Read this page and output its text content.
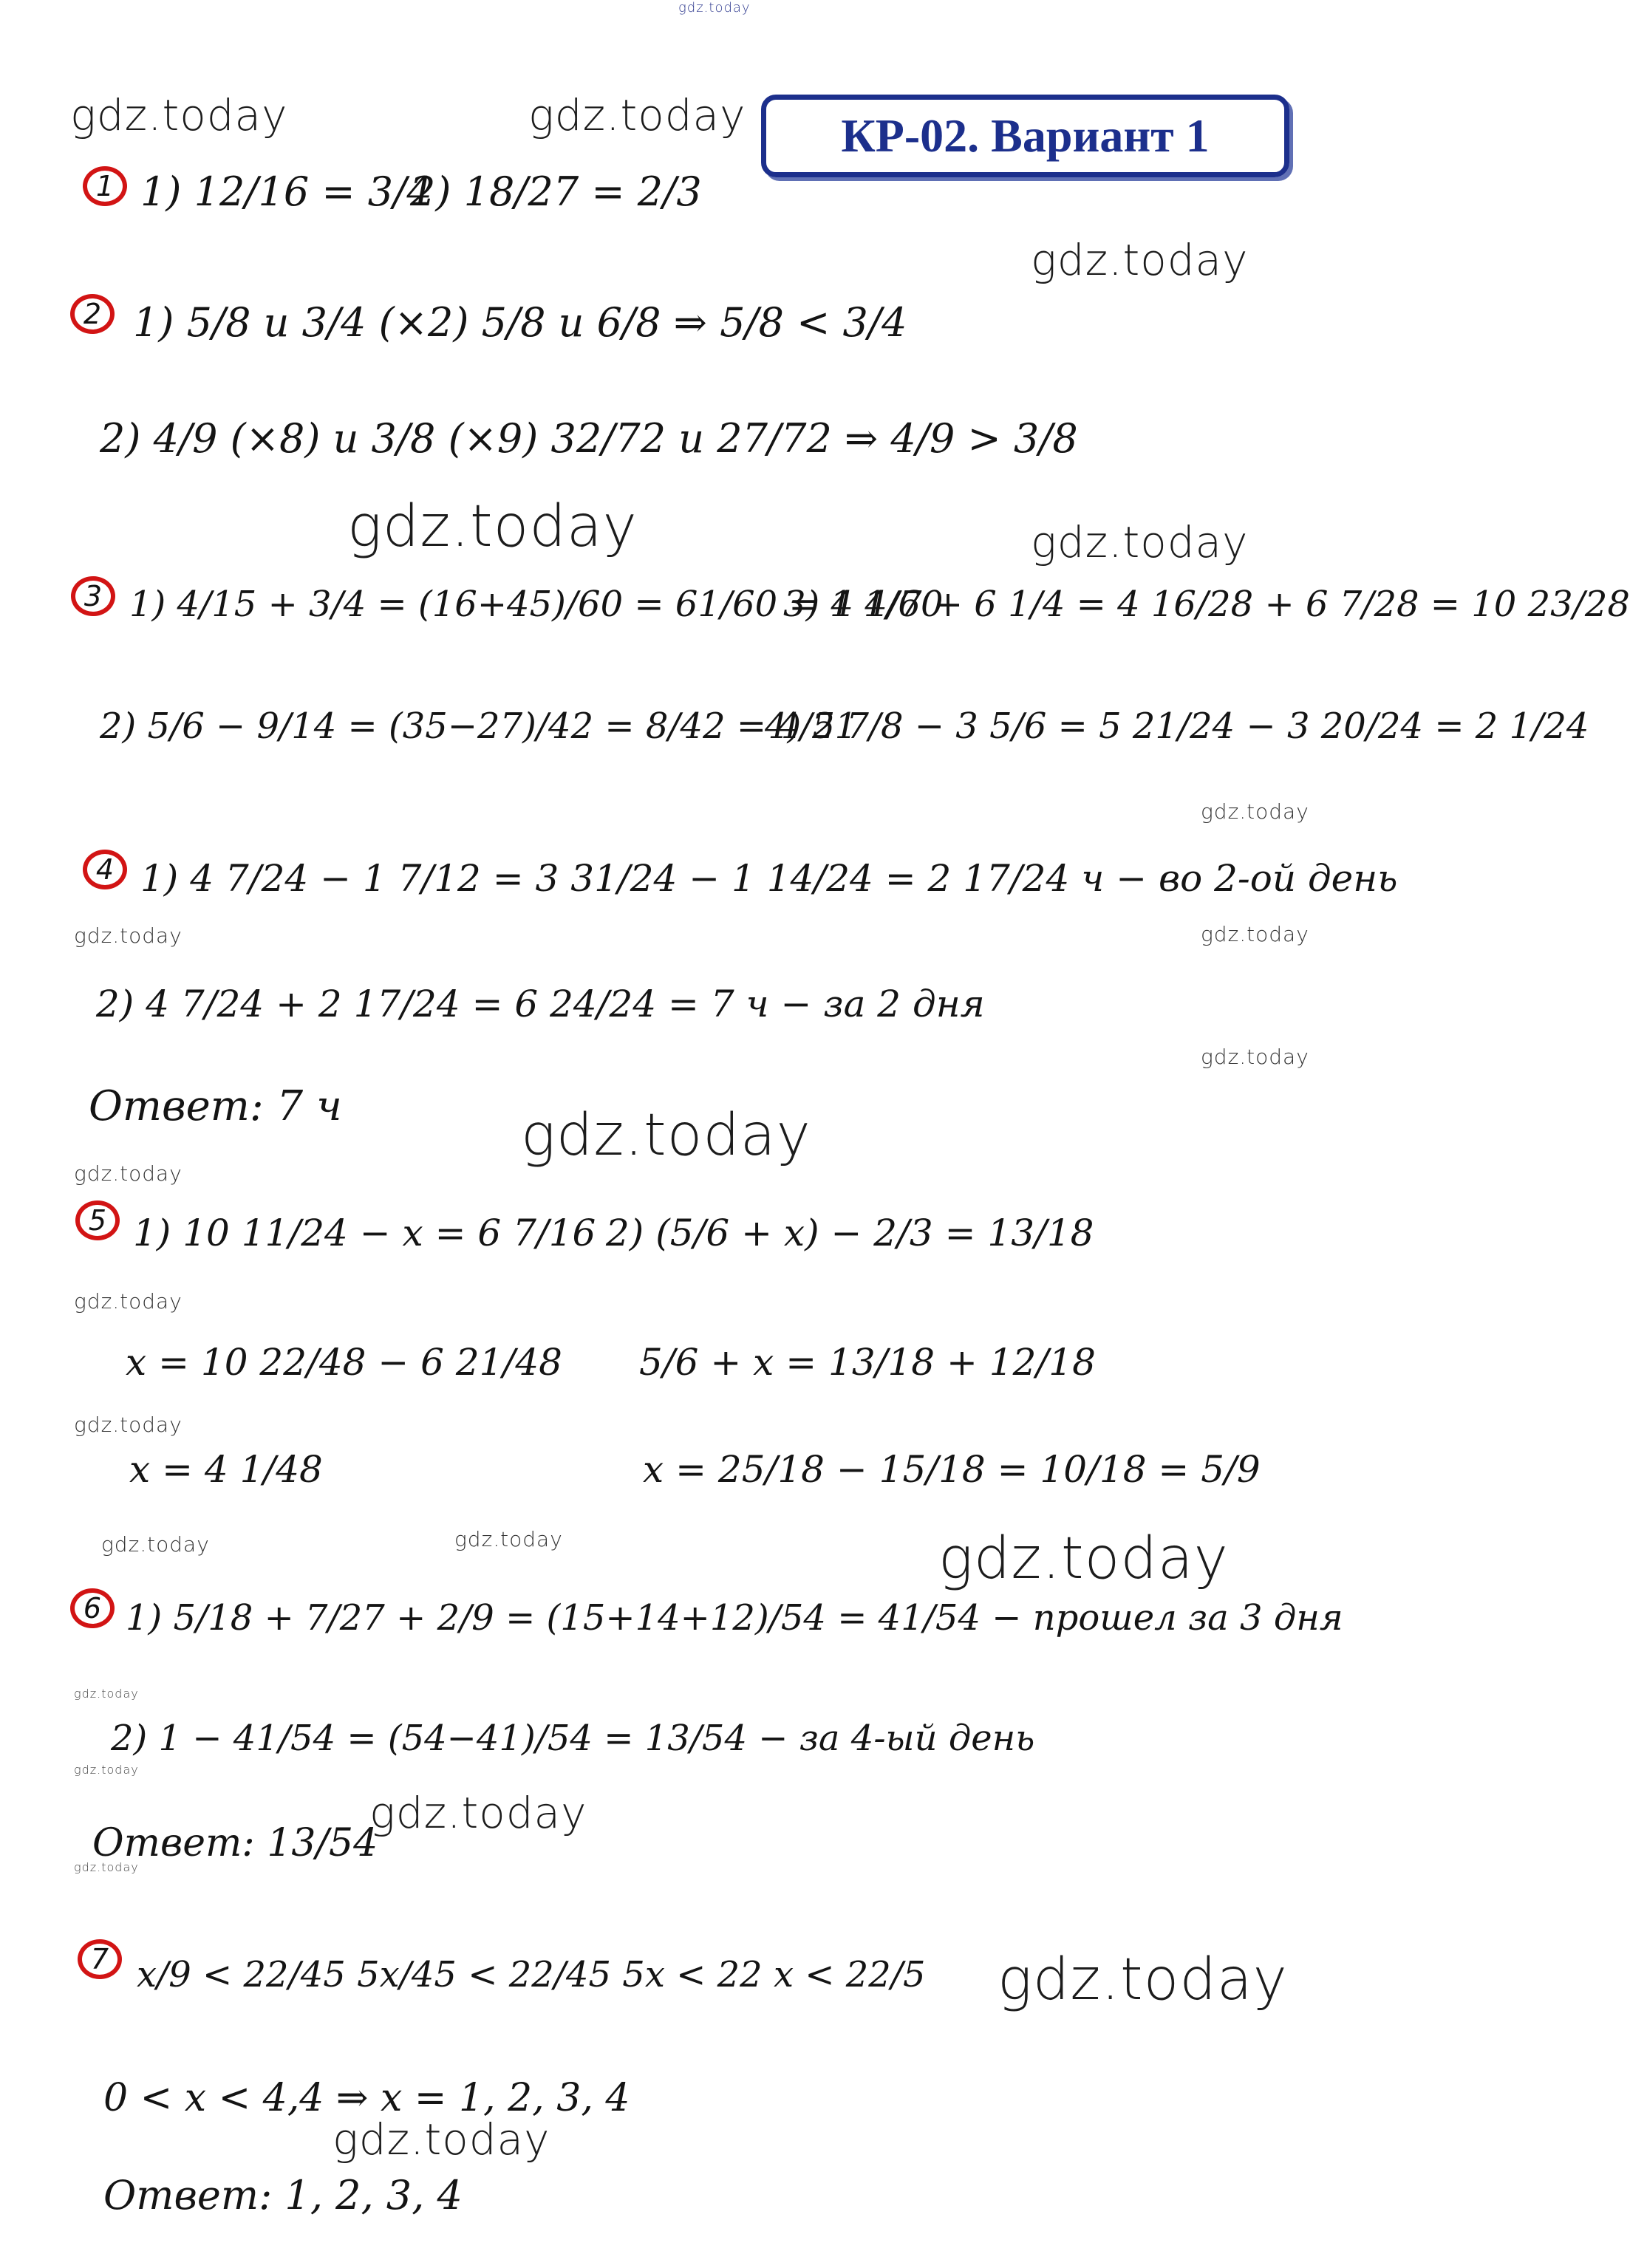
gdz.today
gdz.today	gdz.today
gdz.today
gdz.today	gdz.today
gdz.today
gdz.today
gdz.today
gdz.today
gdz.today
gdz.today
gdz.today	gdz.today
gdz.today
gdz.today
gdz.today
gdz.today
gdz.today	gdz.today
gdz.today
gdz.today
gdz.today
КР-02. Вариант 1
1 1) 12/16 = 3/4
2) 18/27 = 2/3
2 1) 5/8 и 3/4 (×2) 5/8 и 6/8 ⇒ 5/8 < 3/4
2) 4/9 (×8) и 3/8 (×9) 32/72 и 27/72 ⇒ 4/9 > 3/8
3 1) 4/15 + 3/4 = (16+45)/60 = 61/60 = 1 1/60
3) 4 4/7 + 6 1/4 = 4 16/28 + 6 7/28 = 10 23/28
2) 5/6 − 9/14 = (35−27)/42 = 8/42 = 4/21
4) 5 7/8 − 3 5/6 = 5 21/24 − 3 20/24 = 2 1/24
4 1) 4 7/24 − 1 7/12 = 3 31/24 − 1 14/24 = 2 17/24 ч − во 2-ой день
2) 4 7/24 + 2 17/24 = 6 24/24 = 7 ч − за 2 дня
Ответ: 7 ч
5 1) 10 11/24 − x = 6 7/16 2) (5/6 + x) − 2/3 = 13/18
x = 10 22/48 − 6 21/48 5/6 + x = 13/18 + 12/18
x = 4 1/48	x = 25/18 − 15/18 = 10/18 = 5/9
6 1) 5/18 + 7/27 + 2/9 = (15+14+12)/54 = 41/54 − прошел за 3 дня
2) 1 − 41/54 = (54−41)/54 = 13/54 − за 4-ый день
Ответ: 13/54
7 x/9 < 22/45 5x/45 < 22/45 5x < 22 x < 22/5
0 < x < 4,4 ⇒ x = 1, 2, 3, 4
Ответ: 1, 2, 3, 4
